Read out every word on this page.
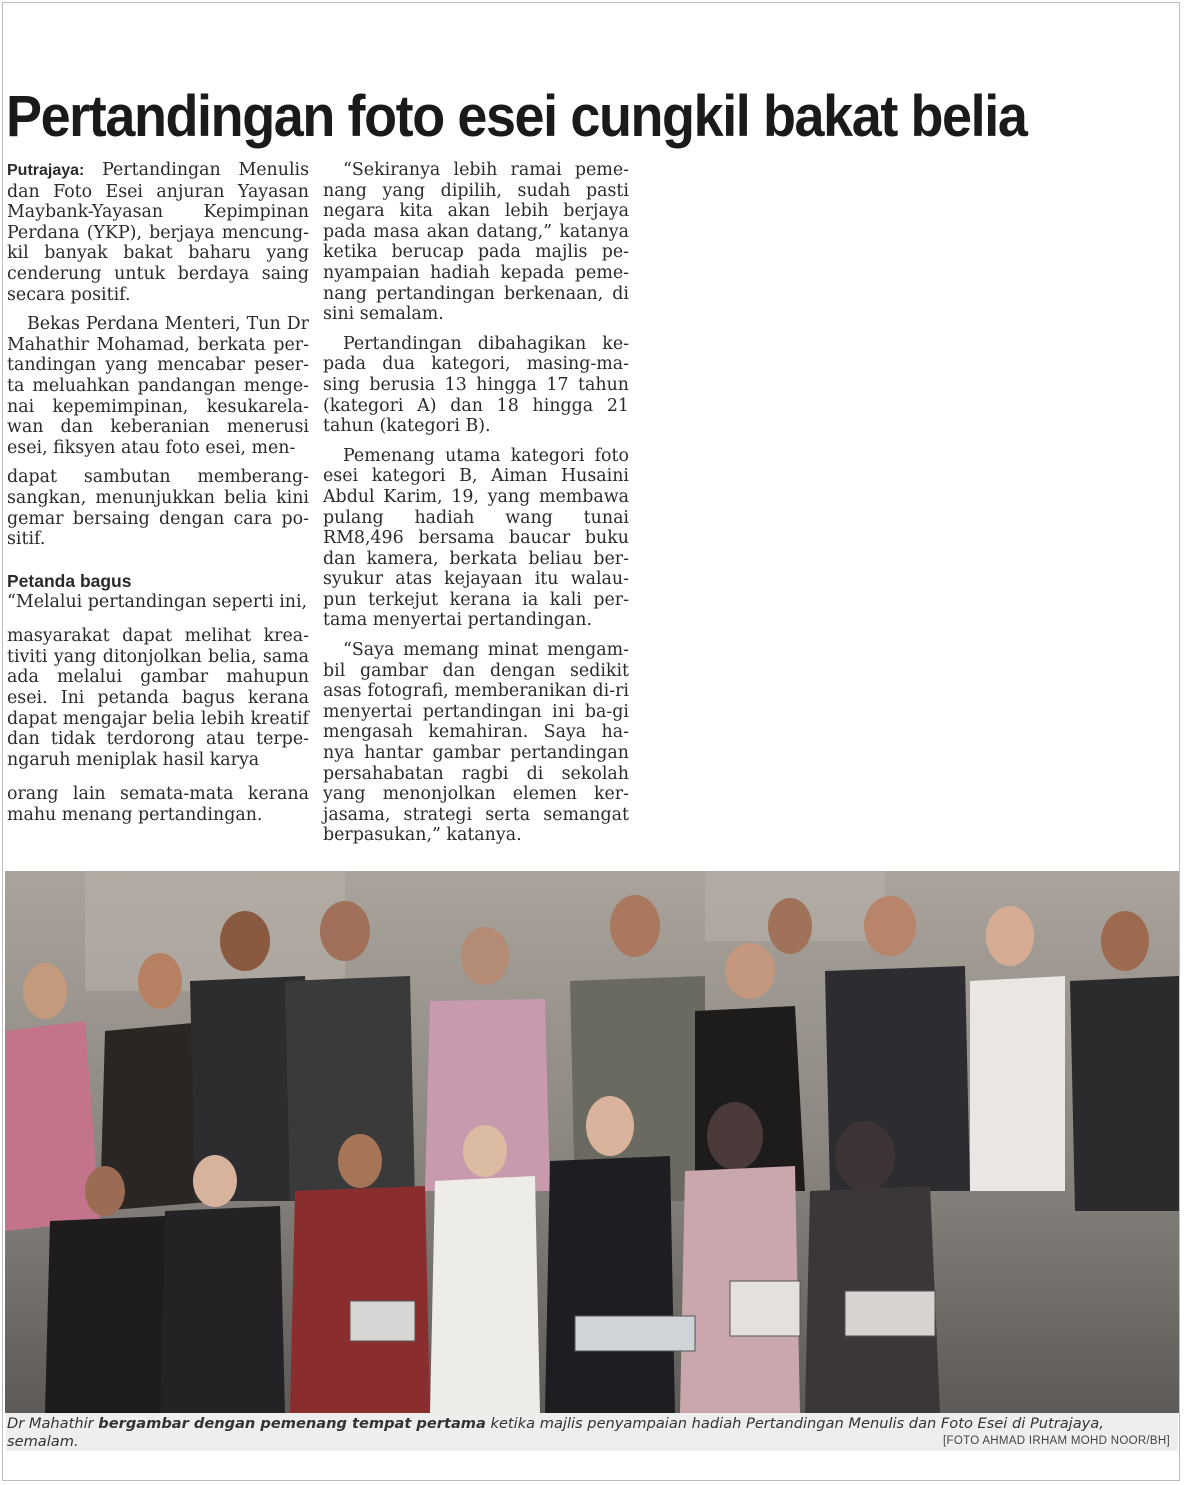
Pertandingan foto esei cungkil bakat belia

Putrajaya: Pertandingan Menulis dan Foto Esei anjuran Yayasan Maybank-Yayasan Kepimpinan Perdana (YKP), berjaya mencung-kil banyak bakat baharu yang cenderung untuk berdaya saing secara positif.

Bekas Perdana Menteri, Tun Dr Mahathir Mohamad, berkata per-tandingan yang mencabar peser-ta meluahkan pandangan menge-nai kepemimpinan, kesukarela-wan dan keberanian menerusi esei, fiksyen atau foto esei, men-

dapat sambutan memberang-sangkan, menunjukkan belia kini gemar bersaing dengan cara po-sitif.

Petanda bagus

“Melalui pertandingan seperti ini,

masyarakat dapat melihat krea-tiviti yang ditonjolkan belia, sama ada melalui gambar mahupun esei. Ini petanda bagus kerana dapat mengajar belia lebih kreatif dan tidak terdorong atau terpe-ngaruh meniplak hasil karya

orang lain semata-mata kerana mahu menang pertandingan.

“Sekiranya lebih ramai peme-nang yang dipilih, sudah pasti negara kita akan lebih berjaya pada masa akan datang,” katanya ketika berucap pada majlis pe-nyampaian hadiah kepada peme-nang pertandingan berkenaan, di sini semalam.

Pertandingan dibahagikan ke-pada dua kategori, masing-ma-sing berusia 13 hingga 17 tahun (kategori A) dan 18 hingga 21 tahun (kategori B).

Pemenang utama kategori foto esei kategori B, Aiman Husaini Abdul Karim, 19, yang membawa pulang hadiah wang tunai RM8,496 bersama baucar buku dan kamera, berkata beliau ber-syukur atas kejayaan itu walau-pun terkejut kerana ia kali per-tama menyertai pertandingan.

“Saya memang minat mengam-bil gambar dan dengan sedikit asas fotografi, memberanikan di-ri menyertai pertandingan ini ba-gi mengasah kemahiran. Saya ha-nya hantar gambar pertandingan persahabatan ragbi di sekolah yang menonjolkan elemen ker-jasama, strategi serta semangat berpasukan,” katanya.

Dr Mahathir bergambar dengan pemenang tempat pertama ketika majlis penyampaian hadiah Pertandingan Menulis dan Foto Esei di Putrajaya, semalam.	[FOTO AHMAD IRHAM MOHD NOOR/BH]
